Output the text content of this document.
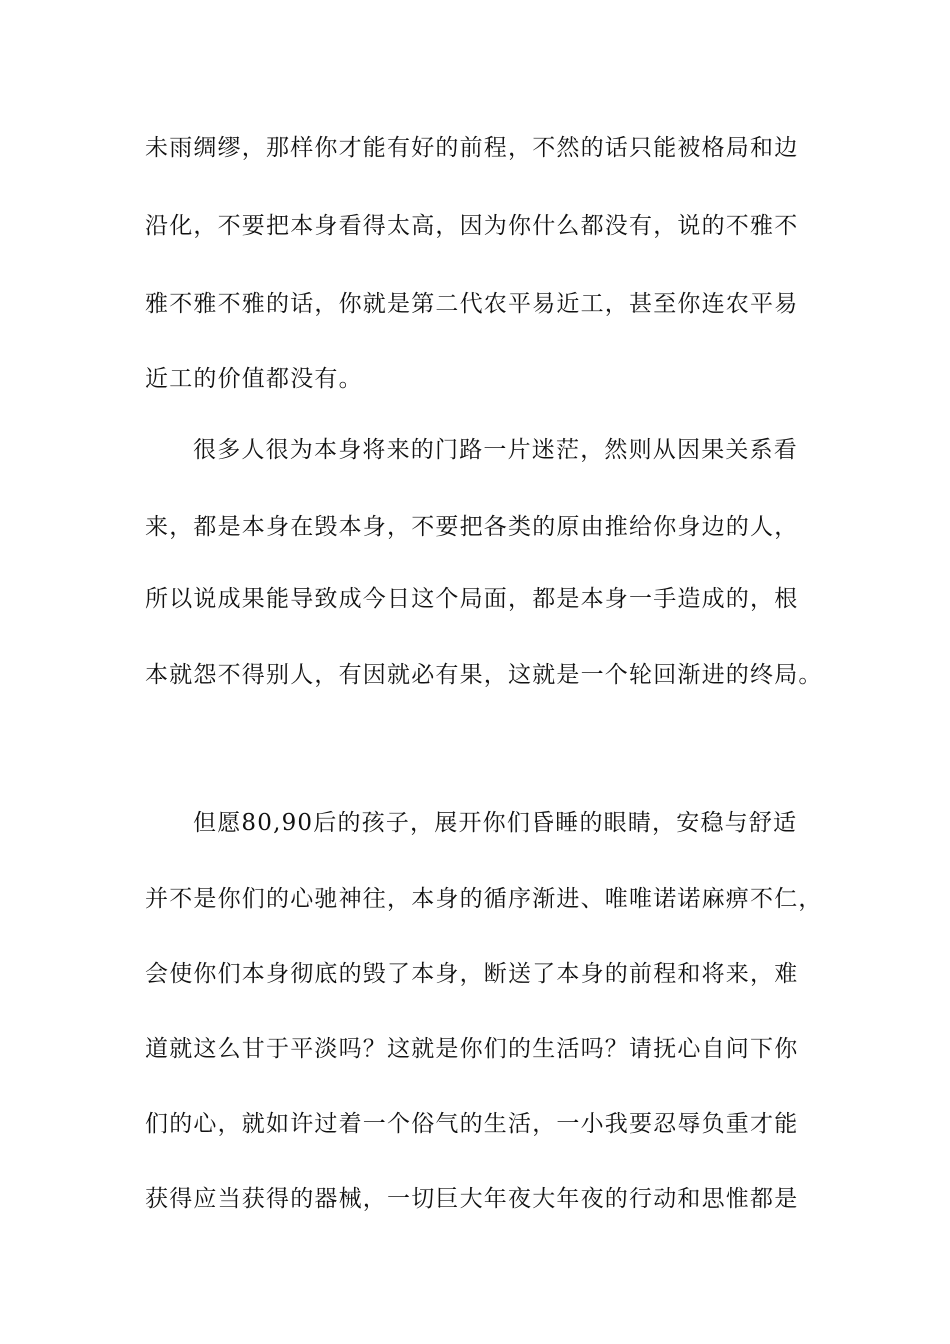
未雨绸缪，那样你才能有好的前程，不然的话只能被格局和边
沿化，不要把本身看得太高，因为你什么都没有，说的不雅不
雅不雅不雅的话，你就是第二代农平易近工，甚至你连农平易
近工的价值都没有。
很多人很为本身将来的门路一片迷茫，然则从因果关系看
来，都是本身在毁本身，不要把各类的原由推给你身边的人，
所以说成果能导致成今日这个局面，都是本身一手造成的，根
本就怨不得别人，有因就必有果，这就是一个轮回渐进的终局。
但愿80,90后的孩子，展开你们昏睡的眼睛，安稳与舒适
并不是你们的心驰神往，本身的循序渐进、唯唯诺诺麻痹不仁，
会使你们本身彻底的毁了本身，断送了本身的前程和将来，难
道就这么甘于平淡吗？这就是你们的生活吗？请抚心自问下你
们的心，就如许过着一个俗气的生活，一小我要忍辱负重才能
获得应当获得的器械，一切巨大年夜大年夜的行动和思惟都是
